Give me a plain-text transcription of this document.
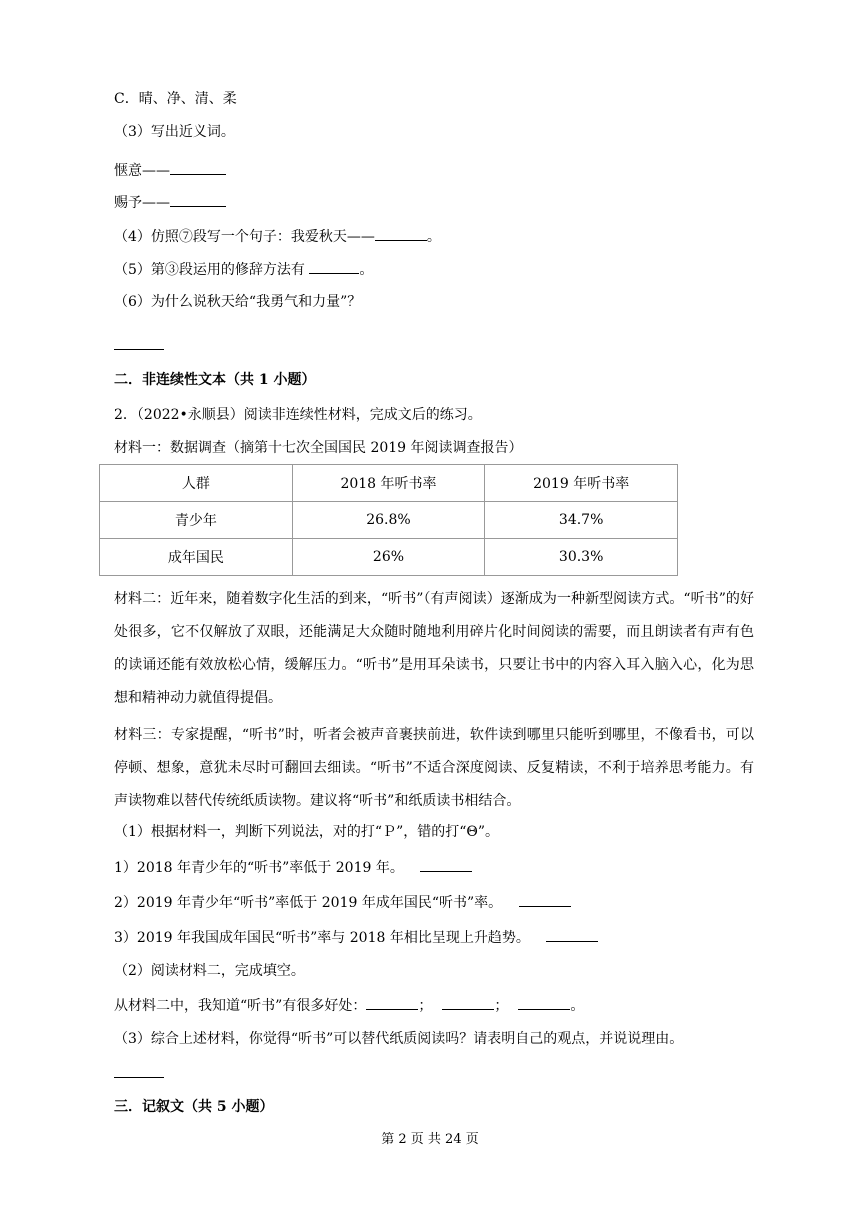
C．晴、净、清、柔
（3）写出近义词。
惬意——
赐予——
（4）仿照⑦段写一个句子：我爱秋天——	。
（5）第③段运用的修辞方法有	。
（6）为什么说秋天给“我勇气和力量”？
二．非连续性文本（共 1 小题）
2．（2022•永顺县）阅读非连续性材料，完成文后的练习。
材料一：数据调查（摘第十七次全国国民 2019 年阅读调查报告）
人群	2018 年听书率	2019 年听书率
青少年	26.8%	34.7%
成年国民	26%	30.3%
材料二：近年来，随着数字化生活的到来，“听书”（有声阅读）逐渐成为一种新型阅读方式。“听书”的好处很多，它不仅解放了双眼，还能满足大众随时随地利用碎片化时间阅读的需要，而且朗读者有声有色的读诵还能有效放松心情，缓解压力。“听书”是用耳朵读书，只要让书中的内容入耳入脑入心，化为思想和精神动力就值得提倡。
材料三：专家提醒，“听书”时，听者会被声音裹挟前进，软件读到哪里只能听到哪里，不像看书，可以停顿、想象，意犹未尽时可翻回去细读。“听书”不适合深度阅读、反复精读，不利于培养思考能力。有声读物难以替代传统纸质读物。建议将“听书”和纸质读书相结合。
（1）根据材料一，判断下列说法，对的打“Ｐ”，错的打“Θ”。
1）2018 年青少年的“听书”率低于 2019 年。
2）2019 年青少年“听书”率低于 2019 年成年国民“听书”率。
3）2019 年我国成年国民“听书”率与 2018 年相比呈现上升趋势。
（2）阅读材料二，完成填空。
从材料二中，我知道“听书”有很多好处：	；	；	。
（3）综合上述材料，你觉得“听书”可以替代纸质阅读吗？请表明自己的观点，并说说理由。
三．记叙文（共 5 小题）
第 2 页 共 24 页
